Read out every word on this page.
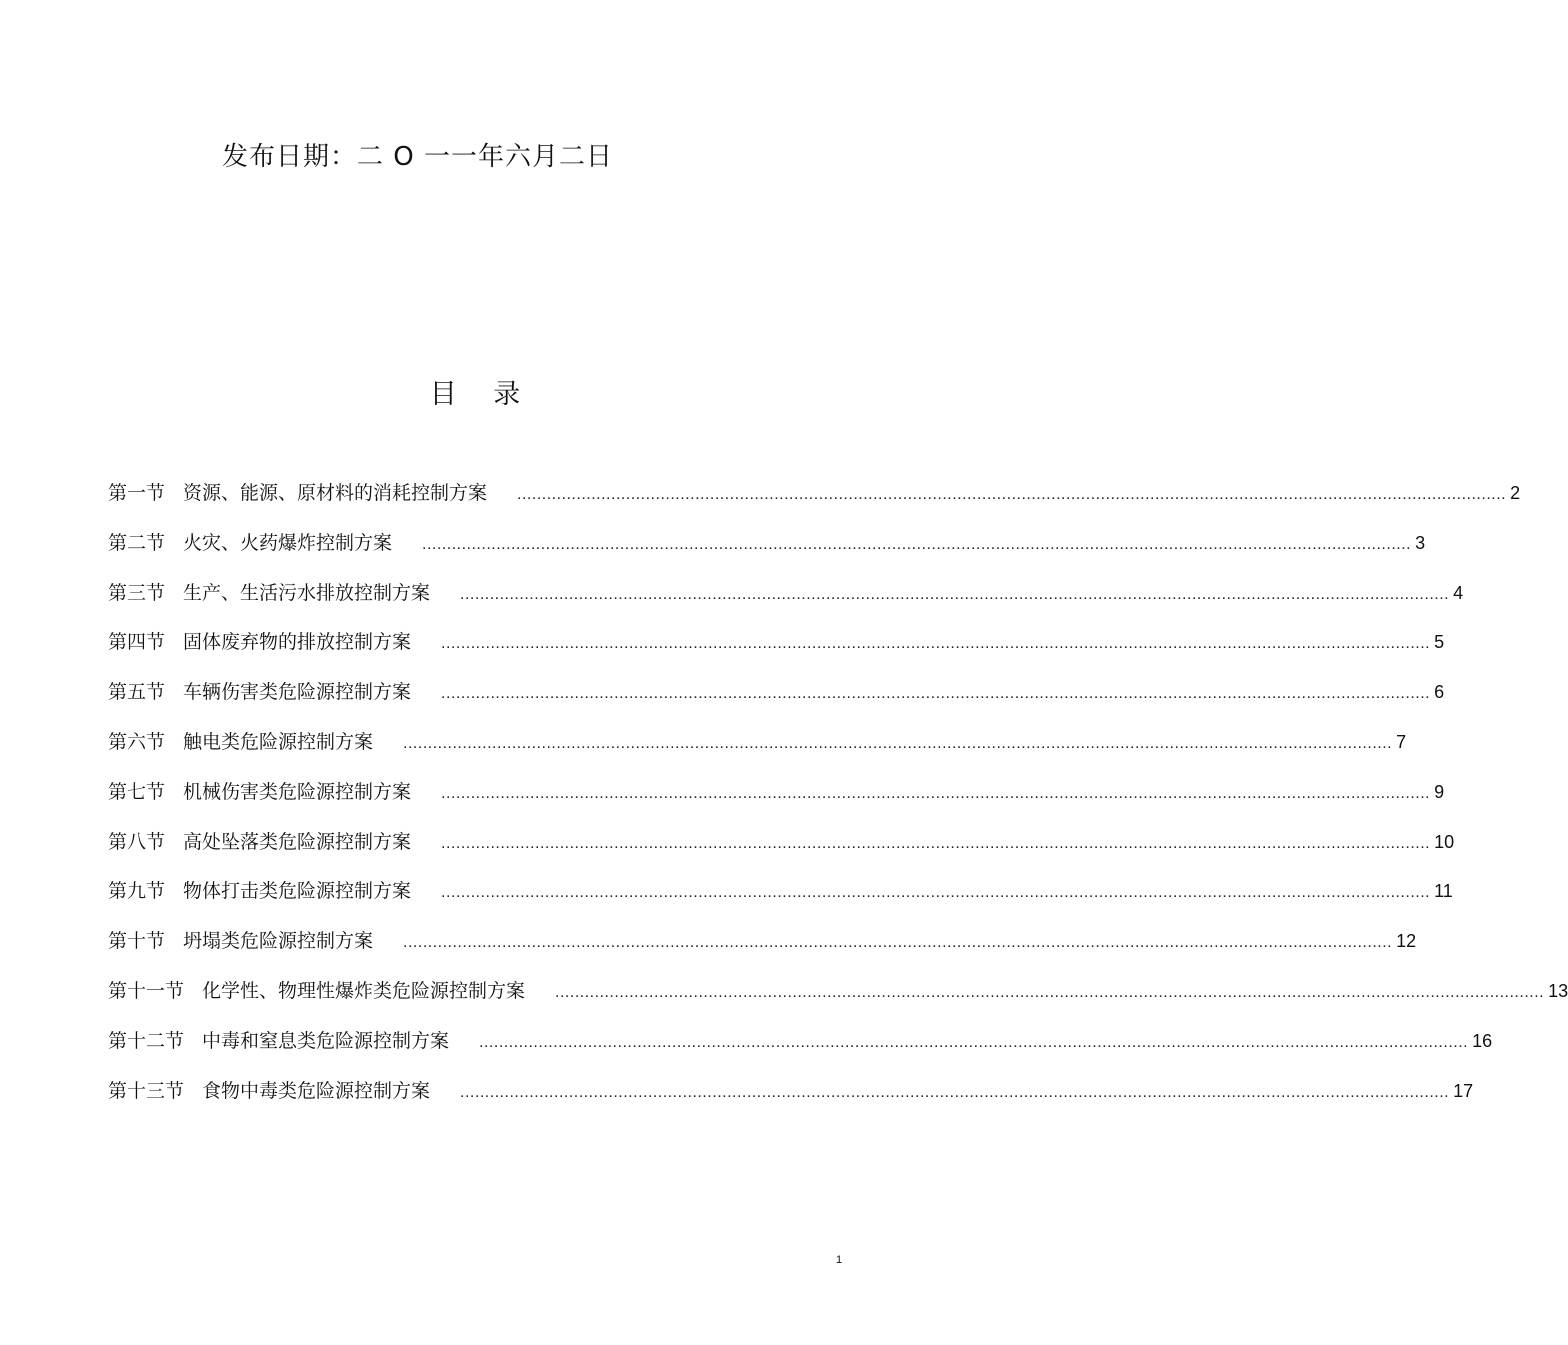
发布日期：二 O 一一年六月二日
目 录
第一节 资源、能源、原材料的消耗控制方案 ........................................................................................................................................................................................................ 2
第二节 火灾、火药爆炸控制方案 ........................................................................................................................................................................................................ 3
第三节 生产、生活污水排放控制方案 ........................................................................................................................................................................................................ 4
第四节 固体废弃物的排放控制方案 ........................................................................................................................................................................................................ 5
第五节 车辆伤害类危险源控制方案 ........................................................................................................................................................................................................ 6
第六节 触电类危险源控制方案 ........................................................................................................................................................................................................ 7
第七节 机械伤害类危险源控制方案 ........................................................................................................................................................................................................ 9
第八节 高处坠落类危险源控制方案 ........................................................................................................................................................................................................ 10
第九节 物体打击类危险源控制方案 ........................................................................................................................................................................................................ 11
第十节 坍塌类危险源控制方案 ........................................................................................................................................................................................................ 12
第十一节 化学性、物理性爆炸类危险源控制方案 ........................................................................................................................................................................................................ 13
第十二节 中毒和窒息类危险源控制方案 ........................................................................................................................................................................................................ 16
第十三节 食物中毒类危险源控制方案 ........................................................................................................................................................................................................ 17
1
